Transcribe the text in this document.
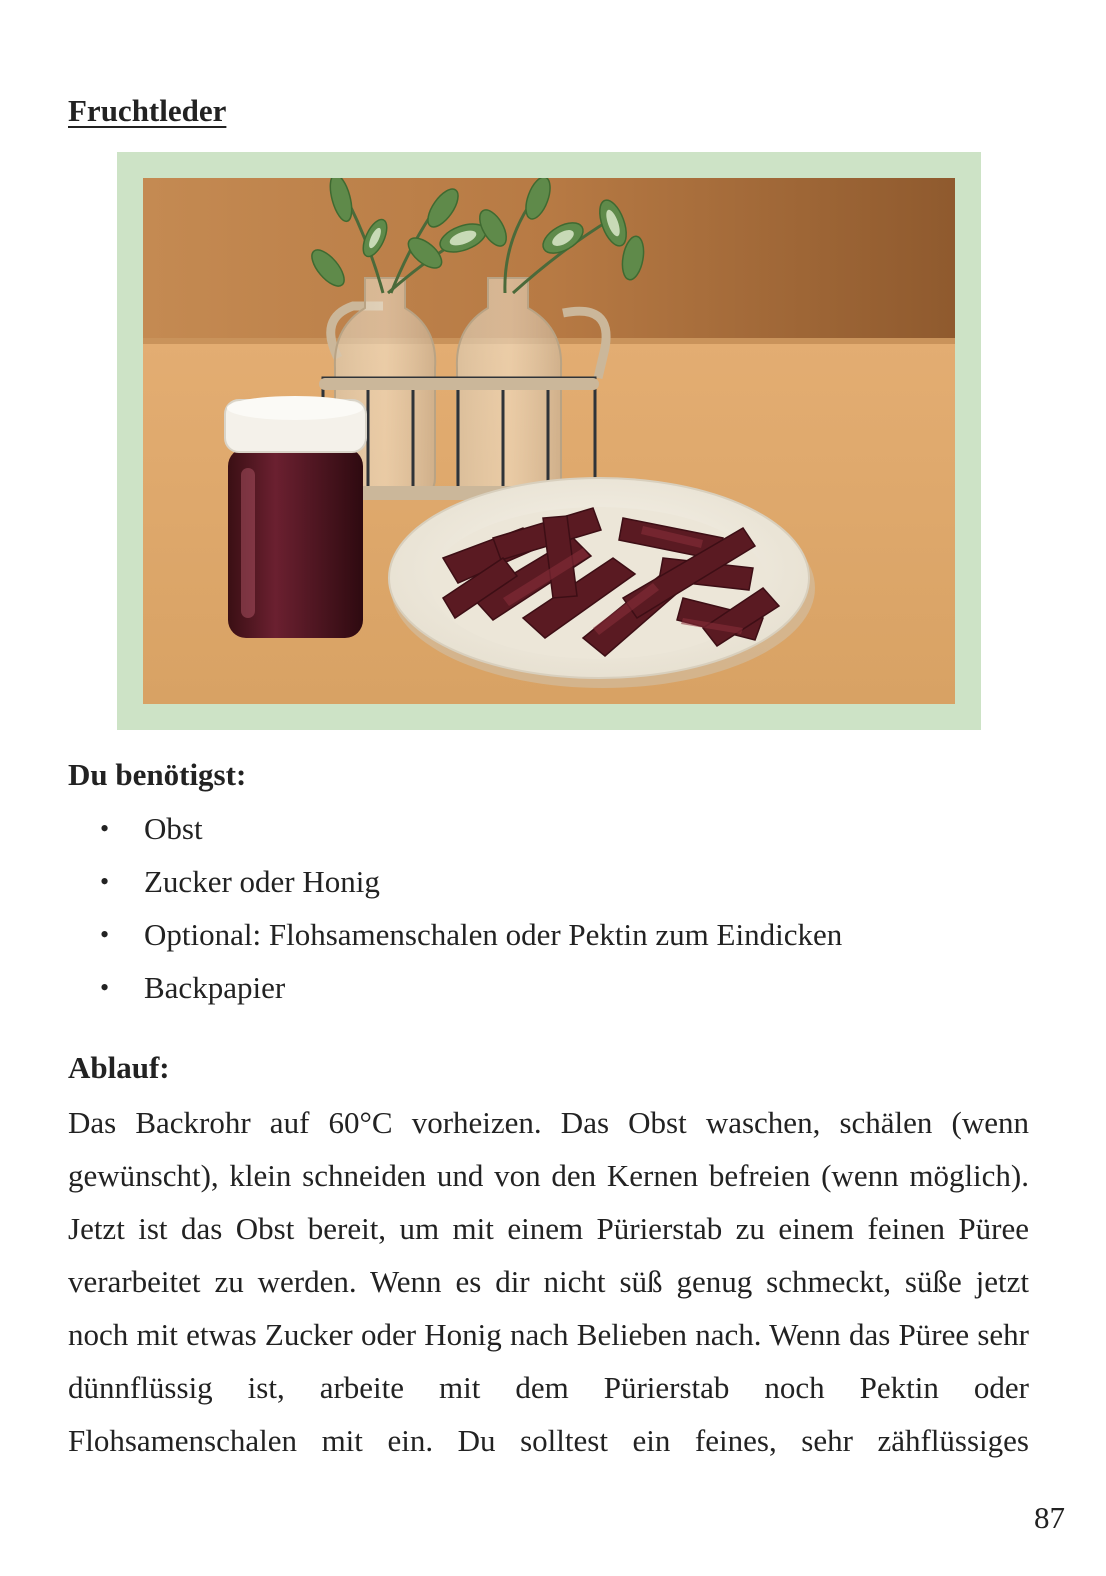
Fruchtleder
Du benötigst:
• Obst
• Zucker oder Honig
• Optional: Flohsamenschalen oder Pektin zum Eindicken
• Backpapier
Ablauf:

Das Backrohr auf 60°C vorheizen. Das Obst waschen, schälen (wenn gewünscht), klein schneiden und von den Kernen befreien (wenn möglich). Jetzt ist das Obst bereit, um mit einem Pürierstab zu einem feinen Püree verarbeitet zu werden. Wenn es dir nicht süß genug schmeckt, süße jetzt noch mit etwas Zucker oder Honig nach Belieben nach. Wenn das Püree sehr dünnflüssig ist, arbeite mit dem Pürierstab noch Pektin oder Flohsamenschalen mit ein. Du solltest ein feines, sehr zähflüssiges

87
